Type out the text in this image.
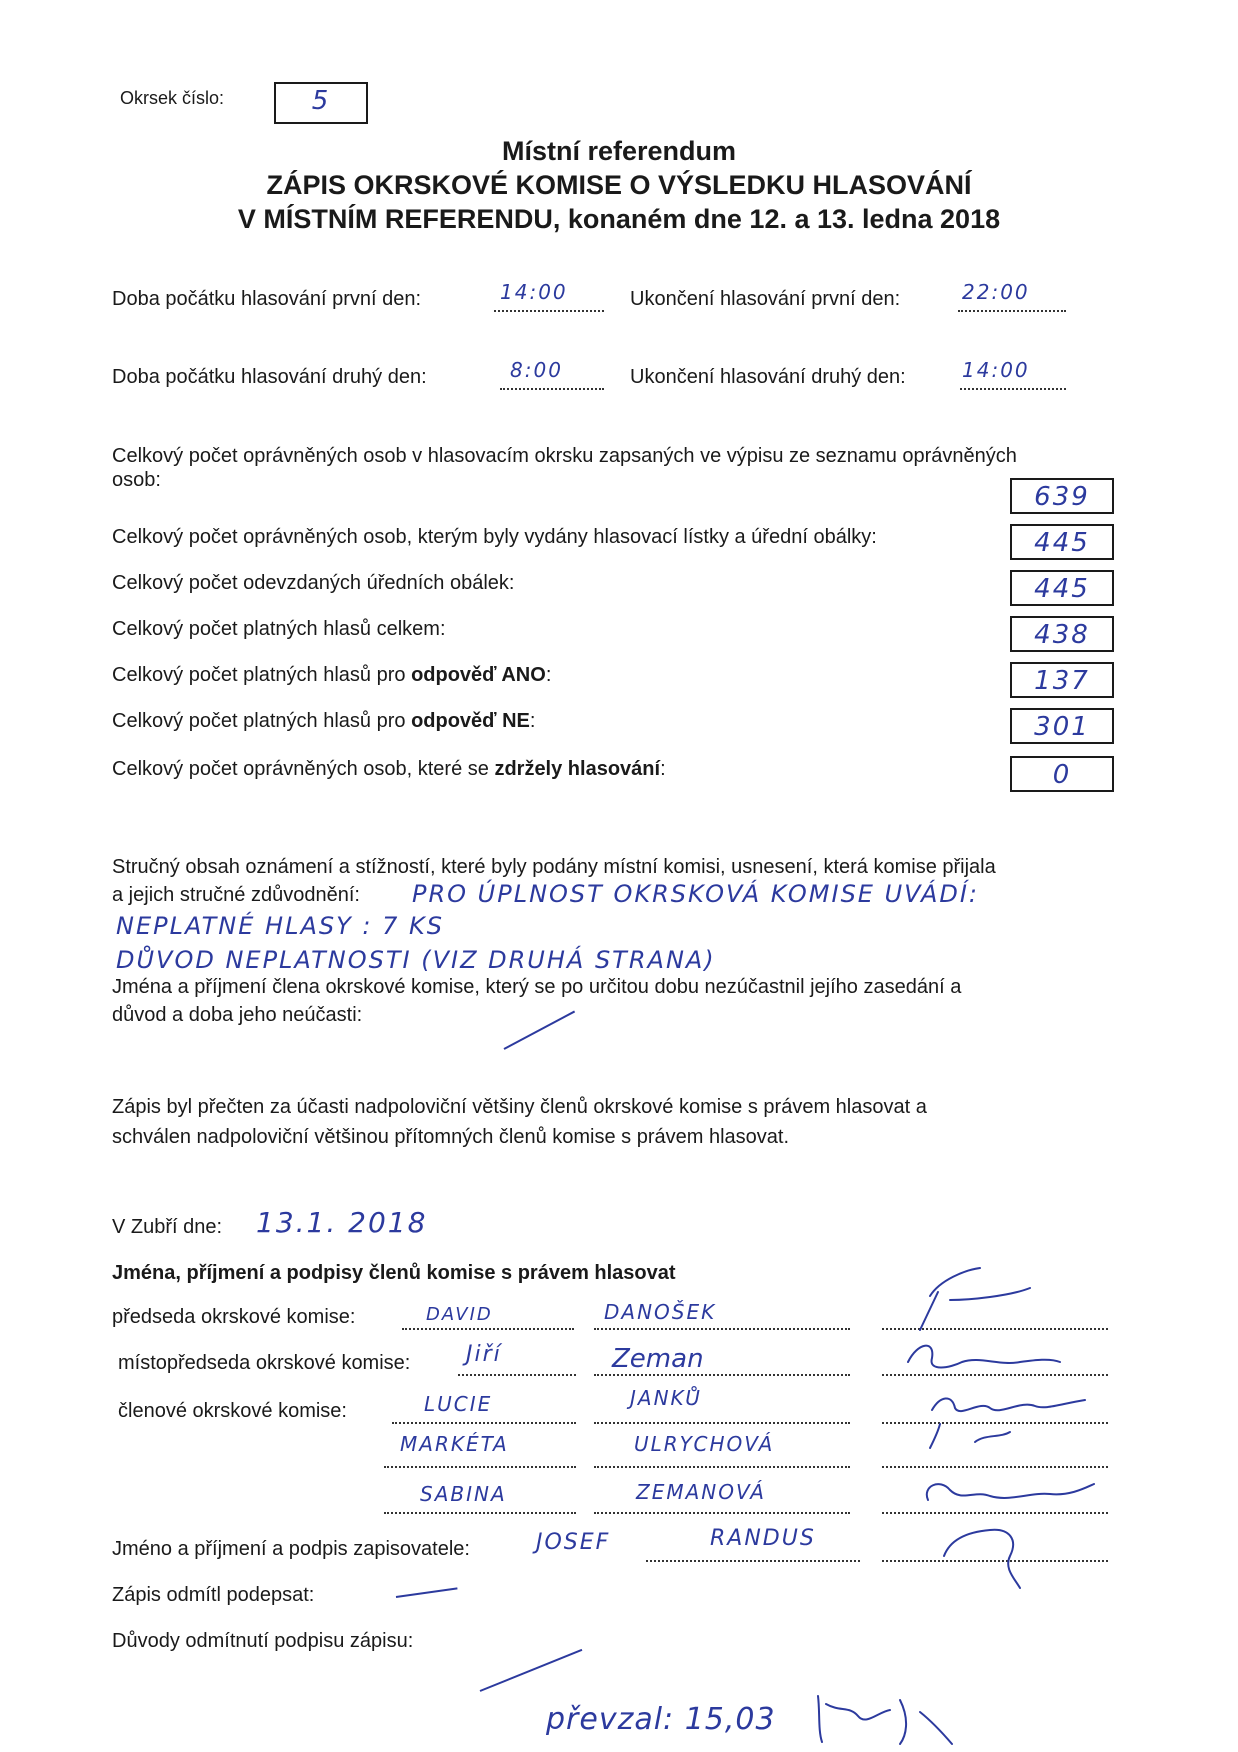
Okrsek číslo:	5
Místní referendum
ZÁPIS OKRSKOVÉ KOMISE O VÝSLEDKU HLASOVÁNÍ
V MÍSTNÍM REFERENDU, konaném dne 12. a 13. ledna 2018
Doba počátku hlasování první den:	14:00	Ukončení hlasování první den:	22:00
Doba počátku hlasování druhý den:	8:00	Ukončení hlasování druhý den:	14:00
Celkový počet oprávněných osob v hlasovacím okrsku zapsaných ve výpisu ze seznamu oprávněných osob:
639
Celkový počet oprávněných osob, kterým byly vydány hlasovací lístky a úřední obálky:	445
Celkový počet odevzdaných úředních obálek:	445
Celkový počet platných hlasů celkem:	438
Celkový počet platných hlasů pro odpověď ANO:	137
Celkový počet platných hlasů pro odpověď NE:	301
Celkový počet oprávněných osob, které se zdržely hlasování:	0
Stručný obsah oznámení a stížností, které byly podány místní komisi, usnesení, která komise přijala
a jejich stručné zdůvodnění: PRO ÚPLNOST OKRSKOVÁ KOMISE UVÁDÍ:
NEPLATNÉ HLASY : 7 KS
DŮVOD NEPLATNOSTI (VIZ DRUHÁ STRANA)
Jména a příjmení člena okrskové komise, který se po určitou dobu nezúčastnil jejího zasedání a
důvod a doba jeho neúčasti:
Zápis byl přečten za účasti nadpoloviční většiny členů okrskové komise s právem hlasovat a
schválen nadpoloviční většinou přítomných členů komise s právem hlasovat.
V Zubří dne: 13.1. 2018
Jména, příjmení a podpisy členů komise s právem hlasovat
předseda okrskové komise:	DAVID	DANOŠEK
místopředseda okrskové komise:	Jiří	Zeman
členové okrskové komise:	LUCIE	JANKŮ
MARKÉTA	ULRYCHOVÁ
SABINA	ZEMANOVÁ
Jméno a příjmení a podpis zapisovatele:	JOSEF	RANDUS
Zápis odmítl podepsat:
Důvody odmítnutí podpisu zápisu:
převzal: 15,03
